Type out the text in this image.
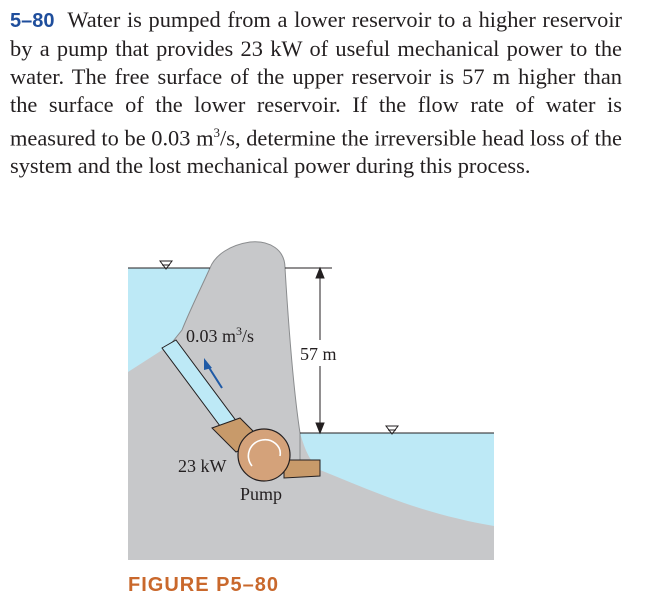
5–80 Water is pumped from a lower reservoir to a higher reservoir by a pump that provides 23 kW of useful mechanical power to the water. The free surface of the upper reservoir is 57 m higher than the surface of the lower reservoir. If the flow rate of water is measured to be 0.03 $m^3/s$, determine the irreversible head loss of the system and the lost mechanical power during this process.
0.03 $m^3/s$
57 m
23 kW
Pump
FIGURE P5–80
